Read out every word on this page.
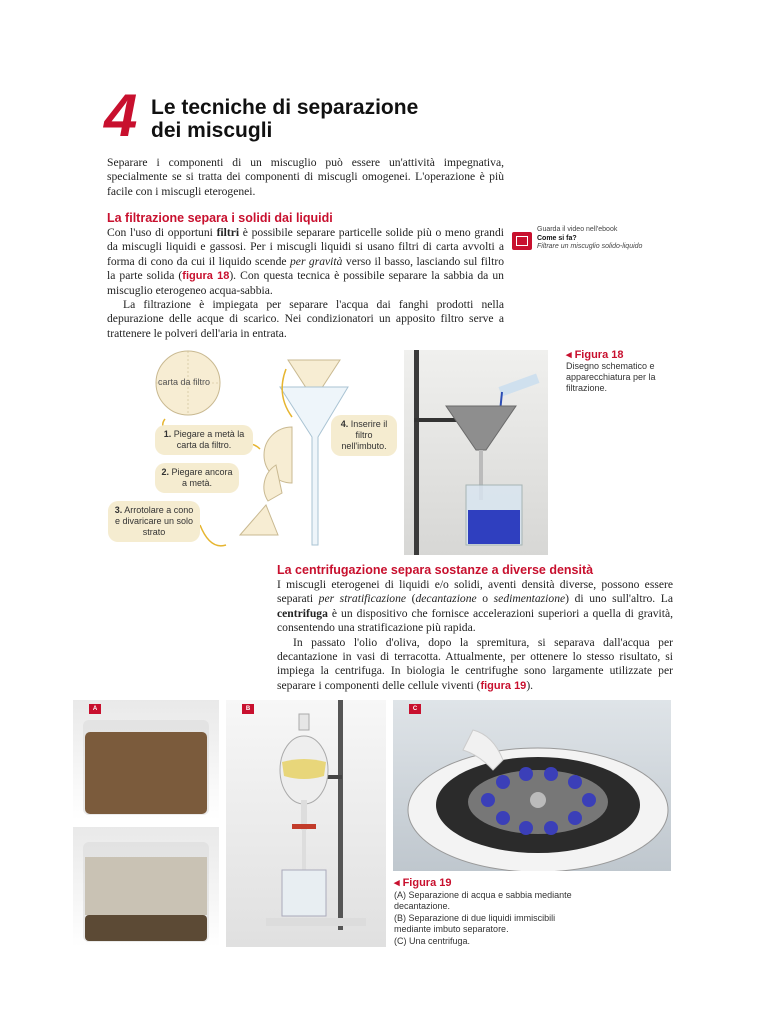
4 Le tecniche di separazione
dei miscugli

Separare i componenti di un miscuglio può essere un'attività impegnativa, specialmente se si tratta dei componenti di miscugli omogenei. L'operazione è più facile con i miscugli eterogenei.

La filtrazione separa i solidi dai liquidi

Con l'uso di opportuni filtri è possibile separare particelle solide più o meno grandi da miscugli liquidi e gassosi. Per i miscugli liquidi si usano filtri di carta avvolti a forma di cono da cui il liquido scende per gravità verso il basso, lasciando sul filtro la parte solida (figura 18). Con questa tecnica è possibile separare la sabbia da un miscuglio eterogeneo acqua-sabbia.

La filtrazione è impiegata per separare l'acqua dai fanghi prodotti nella depurazione delle acque di scarico. Nei condizionatori un apposito filtro serve a trattenere le polveri dell'aria in entrata.

Guarda il video nell'ebook
Come si fa?
Filtrare un miscuglio solido-liquido
carta da filtro
1. Piegare a metà la carta da filtro.
2. Piegare ancora a metà.
3. Arrotolare a cono e divaricare un solo strato
4. Inserire il filtro nell'imbuto.
◂ Figura 18
Disegno schematico e apparecchiatura per la filtrazione.
La centrifugazione separa sostanze a diverse densità

I miscugli eterogenei di liquidi e/o solidi, aventi densità diverse, possono essere separati per stratificazione (decantazione o sedimentazione) di uno sull'altro. La centrifuga è un dispositivo che fornisce accelerazioni superiori a quella di gravità, consentendo una stratificazione più rapida.

In passato l'olio d'oliva, dopo la spremitura, si separava dall'acqua per decantazione in vasi di terracotta. Attualmente, per ottenere lo stesso risultato, si impiega la centrifuga. In biologia le centrifughe sono largamente utilizzate per separare i componenti delle cellule viventi (figura 19).

A	B	C
◂ Figura 19
(A) Separazione di acqua e sabbia mediante decantazione.
(B) Separazione di due liquidi immiscibili mediante imbuto separatore.
(C) Una centrifuga.
